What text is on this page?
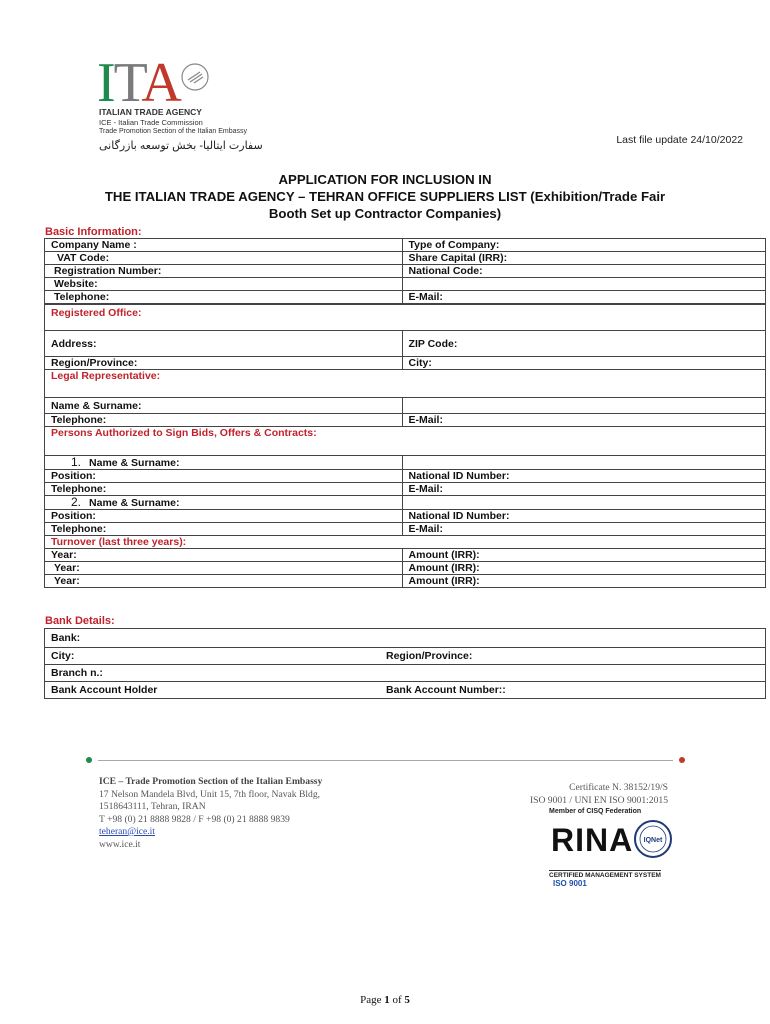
ITA
ITALIAN TRADE AGENCY
ICE - Italian Trade Commission
Trade Promotion Section of the Italian Embassy
سفارت ایتالیا- بخش توسعه بازرگانی	Last file update 24/10/2022
APPLICATION FOR INCLUSION IN
THE ITALIAN TRADE AGENCY – TEHRAN OFFICE SUPPLIERS LIST (Exhibition/Trade Fair
Booth Set up Contractor Companies)
Basic Information:
Company Name :	Type of Company:
VAT Code:	Share Capital (IRR):
Registration Number:	National Code:
Website:	
Telephone:	E-Mail:
Registered Office:	
Address:	ZIP Code:
Region/Province:	City:
Legal Representative:	
Name & Surname:	
Telephone:	E-Mail:
Persons Authorized to Sign Bids, Offers & Contracts:	
1. Name & Surname:	
Position:	National ID Number:
Telephone:	E-Mail:
2. Name & Surname:	
Position:	National ID Number:
Telephone:	E-Mail:
Turnover (last three years):	
Year:	Amount (IRR):
Year:	Amount (IRR):
Year:	Amount (IRR):
Bank Details:
Bank:	
City:	Region/Province:
Branch n.:	
Bank Account Holder	Bank Account Number::
ICE – Trade Promotion Section of the Italian Embassy
17 Nelson Mandela Blvd, Unit 15, 7th floor, Navak Bldg,
1518643111, Tehran, IRAN
T +98 (0) 21 8888 9828 / F +98 (0) 21 8888 9839
teheran@ice.it
www.ice.it
Certificate N. 38152/19/S
ISO 9001 / UNI EN ISO 9001:2015
Member of CISQ Federation
RINA IQNet
CERTIFIED MANAGEMENT SYSTEM
ISO 9001
Page 1 of 5
